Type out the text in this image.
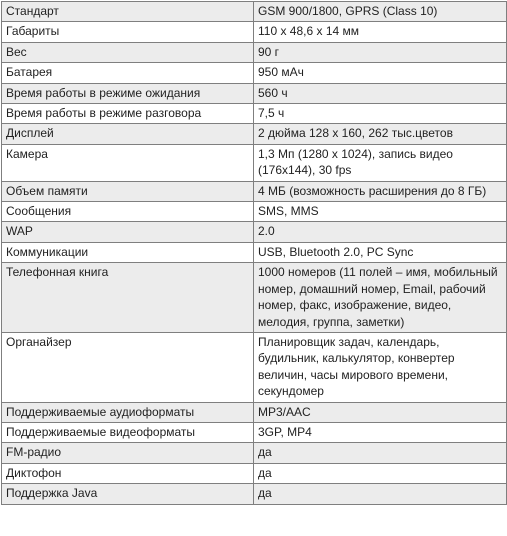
Стандарт	GSM 900/1800, GPRS (Class 10)
Габариты	110 x 48,6 x 14 мм
Вес	90 г
Батарея	950 мАч
Время работы в режиме ожидания	560 ч
Время работы в режиме разговора	7,5 ч
Дисплей	2 дюйма 128 x 160, 262 тыс.цветов
Камера	1,3 Мп (1280 x 1024), запись видео (176x144), 30 fps
Объем памяти	4 МБ (возможность расширения до 8 ГБ)
Сообщения	SMS, MMS
WAP	2.0
Коммуникации	USB, Bluetooth 2.0, PC Sync
Телефонная книга	1000 номеров (11 полей – имя, мобильный номер, домашний номер, Email, рабочий номер, факс, изображение, видео, мелодия, группа, заметки)
Органайзер	Планировщик задач, календарь, будильник, калькулятор, конвертер величин, часы мирового времени, секундомер
Поддерживаемые аудиоформаты	MP3/AAC
Поддерживаемые видеоформаты	3GP, MP4
FM-радио	да
Диктофон	да
Поддержка Java	да
